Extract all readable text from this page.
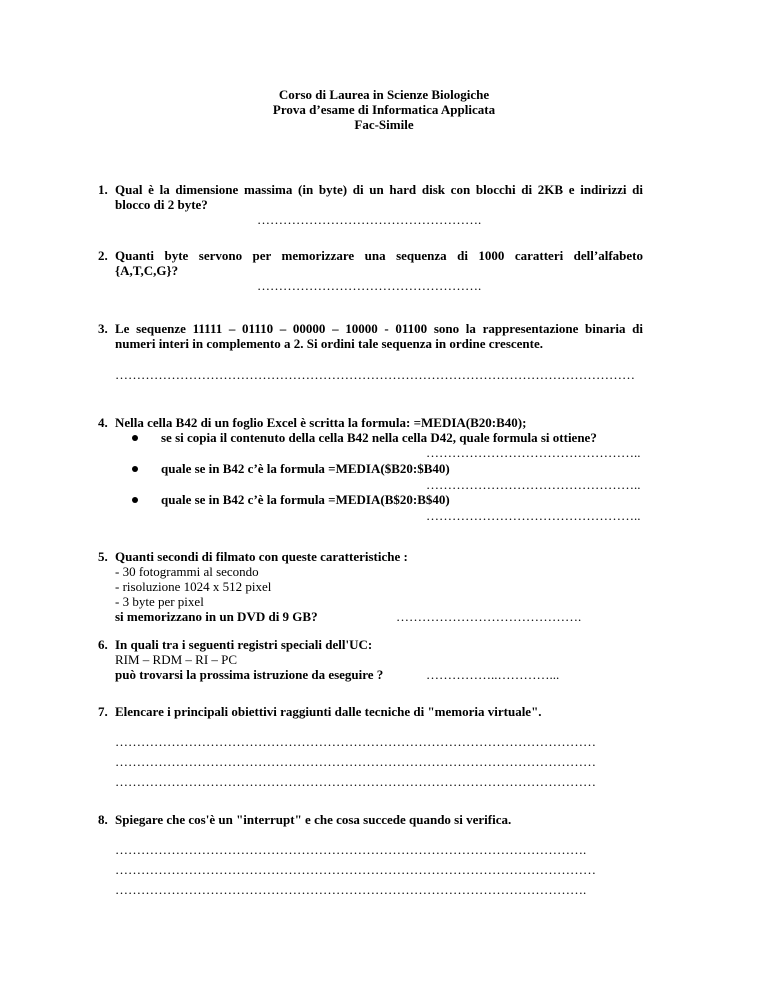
Corso di Laurea in Scienze Biologiche
Prova d’esame di Informatica Applicata
Fac-Simile
1. Qual è la dimensione massima (in byte) di un hard disk con blocchi di 2KB e indirizzi di
blocco di 2 byte?
…………………………………………….
2. Quanti byte servono per memorizzare una sequenza di 1000 caratteri dell’alfabeto
{A,T,C,G}?
…………………………………………….
3. Le sequenze 11111 – 01110 – 00000 – 10000 - 01100 sono la rappresentazione binaria di
numeri interi in complemento a 2. Si ordini tale sequenza in ordine crescente.
…………………………………………………………………………………………………………
4. Nella cella B42 di un foglio Excel è scritta la formula: =MEDIA(B20:B40);
se si copia il contenuto della cella B42 nella cella D42, quale formula si ottiene?
…………………………………………..
quale se in B42 c’è la formula =MEDIA($B20:$B40)
…………………………………………..
quale se in B42 c’è la formula =MEDIA(B$20:B$40)
…………………………………………..
5. Quanti secondi di filmato con queste caratteristiche :
- 30 fotogrammi al secondo
- risoluzione 1024 x 512 pixel
- 3 byte per pixel
si memorizzano in un DVD di 9 GB?	…………………………………….
6. In quali tra i seguenti registri speciali dell'UC:
RIM – RDM – RI – PC
può trovarsi la prossima istruzione da eseguire ?	……………..…………...
7. Elencare i principali obiettivi raggiunti dalle tecniche di "memoria virtuale".
…………………………………………………………………………………………………
…………………………………………………………………………………………………
…………………………………………………………………………………………………
8. Spiegare che cos'è un "interrupt" e che cosa succede quando si verifica.
……………………………………………………………………………………………….
…………………………………………………………………………………………………
……………………………………………………………………………………………….
